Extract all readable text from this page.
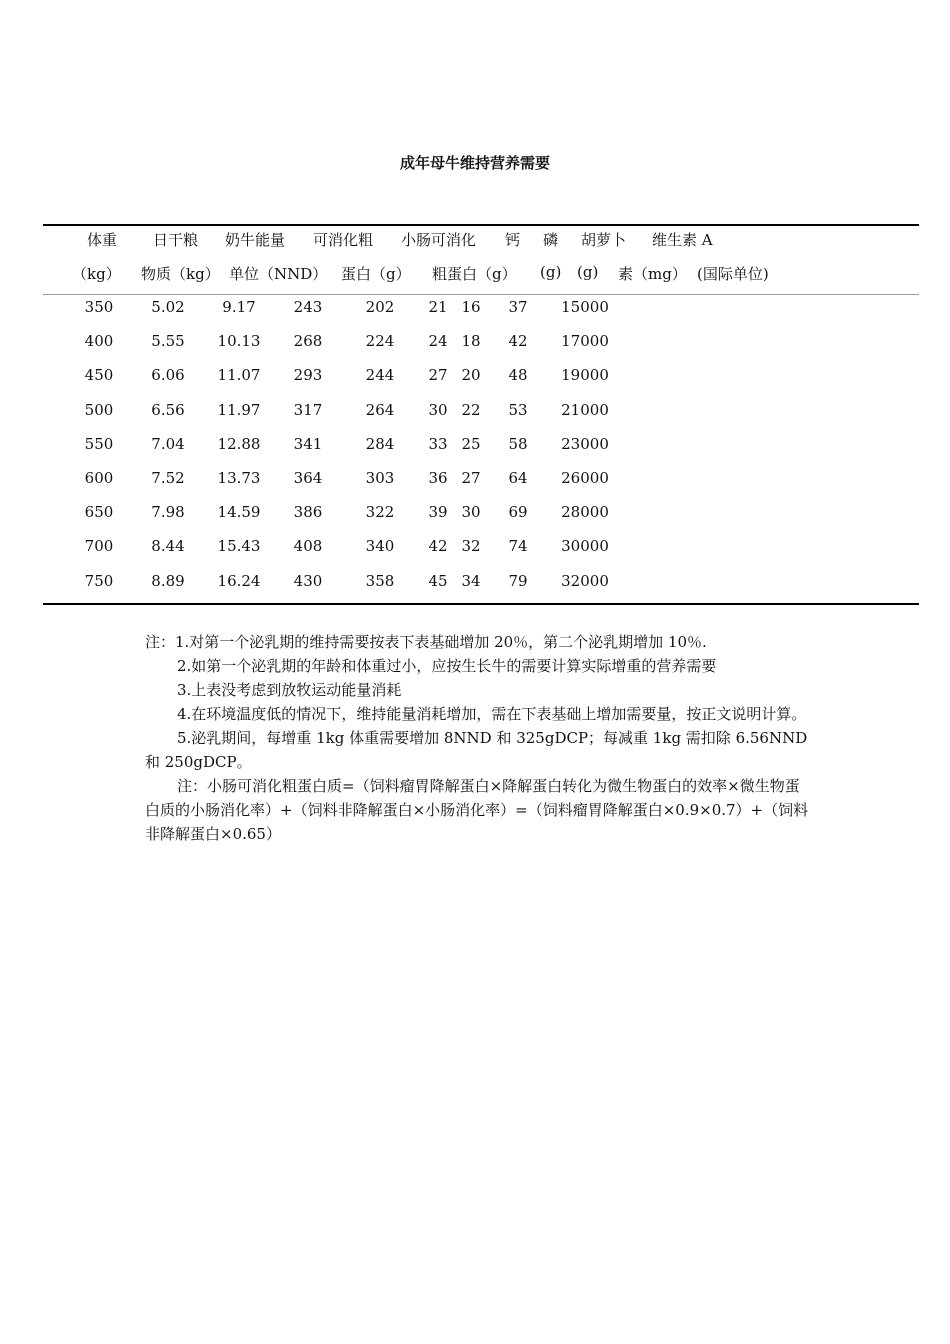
成年母牛维持营养需要
体重 日干粮 奶牛能量 可消化粗 小肠可消化 钙 磷 胡萝卜 维生素 A
（kg） 物质（kg） 单位（NND） 蛋白（g） 粗蛋白（g） (g) (g) 素（mg） (国际单位)
350	5.02	9.17	243	202 21 16 37 15000
400	5.55 10.13 268	224 24 18 42 17000
450	6.06 11.07 293	244 27 20 48 19000
500	6.56 11.97 317	264 30 22 53 21000
550	7.04 12.88 341	284 33 25 58 23000
600	7.52 13.73 364	303 36 27 64 26000
650	7.98 14.59 386	322 39 30 69 28000
700	8.44 15.43 408	340 42 32 74 30000
750	8.89 16.24 430	358 45 34 79 32000

注：1.对第一个泌乳期的维持需要按表下表基础增加 20％，第二个泌乳期增加 10％.

2.如第一个泌乳期的年龄和体重过小，应按生长牛的需要计算实际增重的营养需要

3.上表没考虑到放牧运动能量消耗

4.在环境温度低的情况下，维持能量消耗增加，需在下表基础上增加需要量，按正文说明计算。

5.泌乳期间，每增重 1kg 体重需要增加 8NND 和 325gDCP；每减重 1kg 需扣除 6.56NND 和 250gDCP。

注：小肠可消化粗蛋白质=（饲料瘤胃降解蛋白×降解蛋白转化为微生物蛋白的效率×微生物蛋白质的小肠消化率）+（饲料非降解蛋白×小肠消化率）=（饲料瘤胃降解蛋白×0.9×0.7）+（饲料非降解蛋白×0.65）
